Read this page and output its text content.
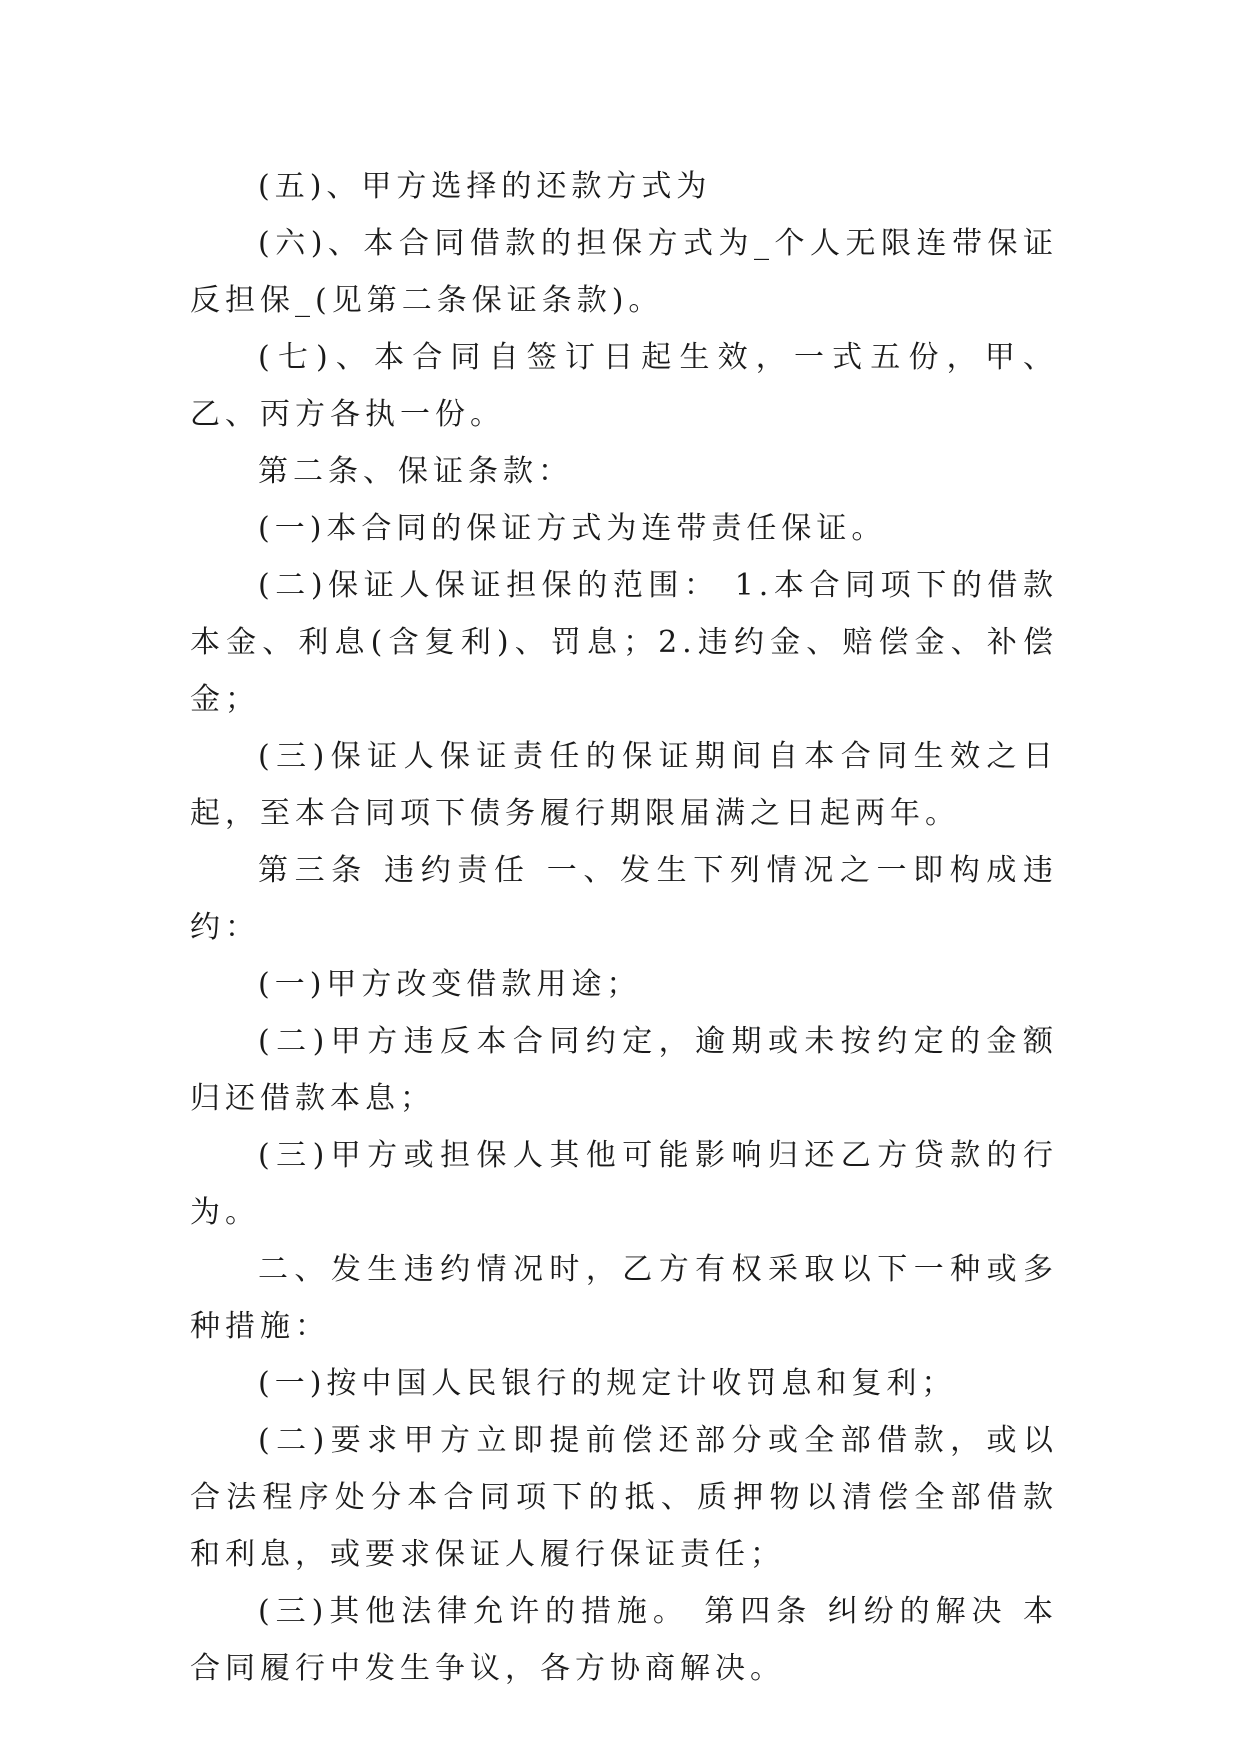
(五)、甲方选择的还款方式为

(六)、本合同借款的担保方式为_个人无限连带保证反担保_(见第二条保证条款)。

(七)、本合同自签订日起生效，一式五份，甲、乙、丙方各执一份。

第二条、保证条款：

(一)本合同的保证方式为连带责任保证。

(二)保证人保证担保的范围： 1.本合同项下的借款本金、利息(含复利)、罚息；2.违约金、赔偿金、补偿金；

(三)保证人保证责任的保证期间自本合同生效之日起，至本合同项下债务履行期限届满之日起两年。

第三条 违约责任 一、发生下列情况之一即构成违约：

(一)甲方改变借款用途；

(二)甲方违反本合同约定，逾期或未按约定的金额归还借款本息；

(三)甲方或担保人其他可能影响归还乙方贷款的行为。

二、发生违约情况时，乙方有权采取以下一种或多种措施：

(一)按中国人民银行的规定计收罚息和复利；

(二)要求甲方立即提前偿还部分或全部借款，或以合法程序处分本合同项下的抵、质押物以清偿全部借款和利息，或要求保证人履行保证责任；

(三)其他法律允许的措施。 第四条 纠纷的解决 本合同履行中发生争议，各方协商解决。
